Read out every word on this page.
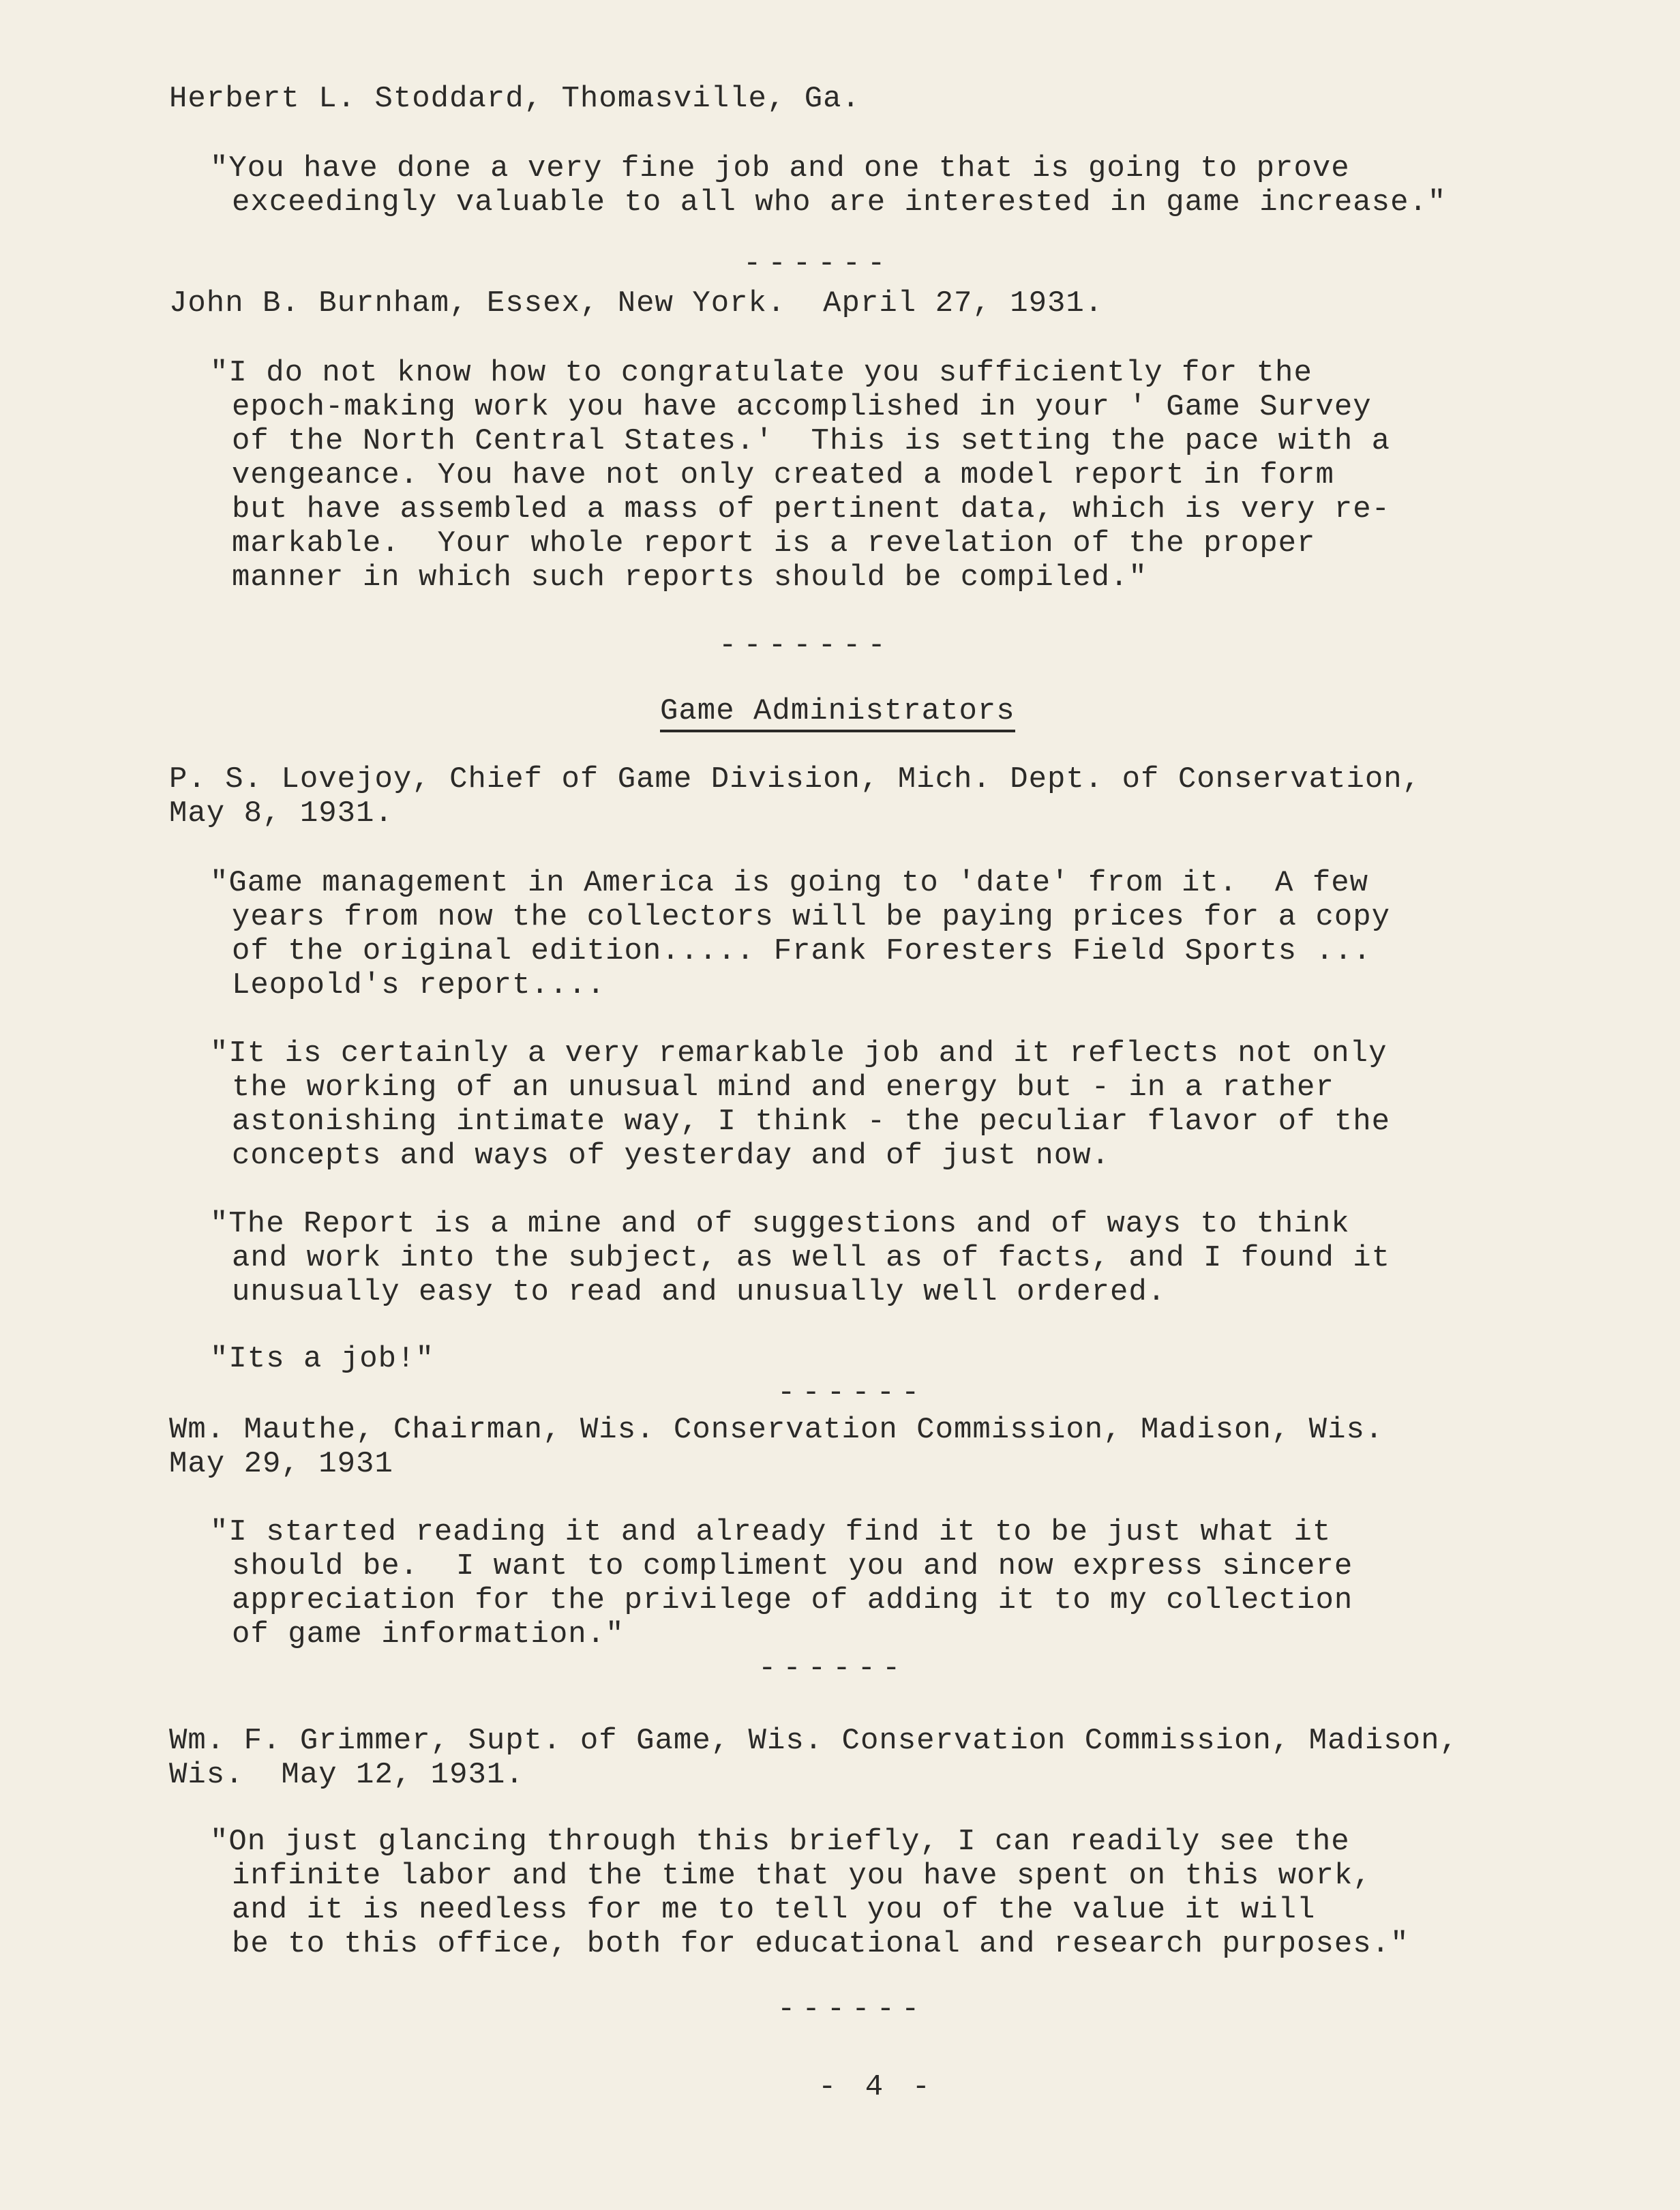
Herbert L. Stoddard, Thomasville, Ga.
"You have done a very fine job and one that is going to prove
exceedingly valuable to all who are interested in game increase."
------
John B. Burnham, Essex, New York.  April 27, 1931.
"I do not know how to congratulate you sufficiently for the
epoch-making work you have accomplished in your ' Game Survey
of the North Central States.'  This is setting the pace with a
vengeance. You have not only created a model report in form
but have assembled a mass of pertinent data, which is very re-
markable.  Your whole report is a revelation of the proper
manner in which such reports should be compiled."
-------
Game Administrators
P. S. Lovejoy, Chief of Game Division, Mich. Dept. of Conservation,
May 8, 1931.
"Game management in America is going to 'date' from it.  A few
years from now the collectors will be paying prices for a copy
of the original edition..... Frank Foresters Field Sports ...
Leopold's report....
"It is certainly a very remarkable job and it reflects not only
the working of an unusual mind and energy but - in a rather
astonishing intimate way, I think - the peculiar flavor of the
concepts and ways of yesterday and of just now.
"The Report is a mine and of suggestions and of ways to think
and work into the subject, as well as of facts, and I found it
unusually easy to read and unusually well ordered.
"Its a job!"
------
Wm. Mauthe, Chairman, Wis. Conservation Commission, Madison, Wis.
May 29, 1931
"I started reading it and already find it to be just what it
should be.  I want to compliment you and now express sincere
appreciation for the privilege of adding it to my collection
of game information."
------
Wm. F. Grimmer, Supt. of Game, Wis. Conservation Commission, Madison,
Wis.  May 12, 1931.
"On just glancing through this briefly, I can readily see the
infinite labor and the time that you have spent on this work,
and it is needless for me to tell you of the value it will
be to this office, both for educational and research purposes."
------
- 4 -
